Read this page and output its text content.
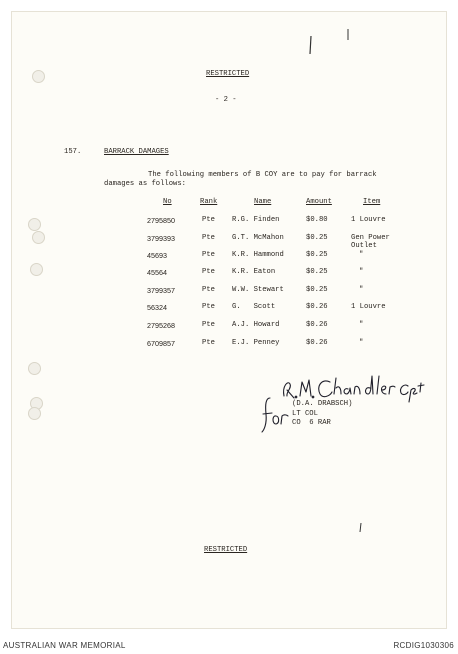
RESTRICTED
- 2 -
157.	BARRACK DAMAGES
The following members of B COY are to pay for barrack
damages as follows:
No	Rank	Name	Amount	Item
2795850	Pte R.G. Finden	$0.80	1 Louvre
3799393	Pte G.T. McMahon	$0.25	Gen Power
Outlet
45693	Pte K.R. Hammond	$0.25	"
45564	Pte K.R. Eaton	$0.25	"
3799357	Pte W.W. Stewart	$0.25	"
56324	Pte G.   Scott	$0.26	1 Louvre
2795268	Pte A.J. Howard	$0.26	"
6709857	Pte E.J. Penney	$0.26	"
(D.A. DRABSCH)
LT COL
CO  6 RAR
RESTRICTED
AUSTRALIAN WAR MEMORIAL	RCDIG1030306
